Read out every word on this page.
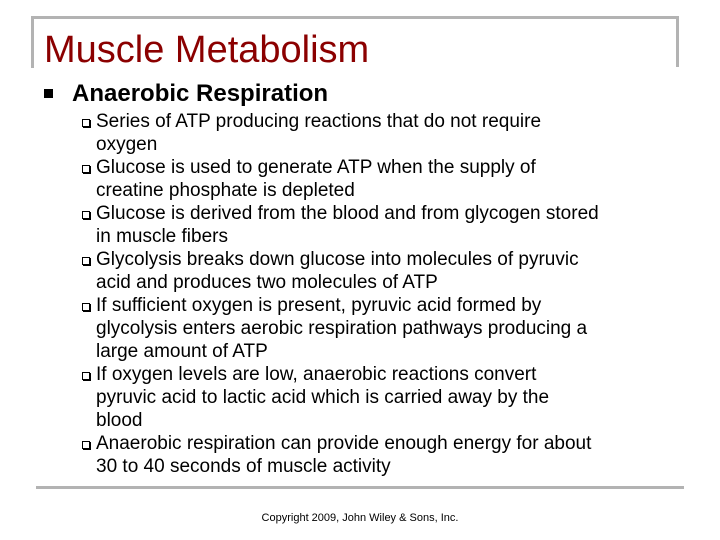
Muscle Metabolism
Anaerobic Respiration
Series of ATP producing reactions that do not require
oxygen
Glucose is used to generate ATP when the supply of
creatine phosphate is depleted
Glucose is derived from the blood and from glycogen stored
in muscle fibers
Glycolysis breaks down glucose into molecules of pyruvic
acid and produces two molecules of ATP
If sufficient oxygen is present, pyruvic acid formed by
glycolysis enters aerobic respiration pathways producing a
large amount of ATP
If oxygen levels are low, anaerobic reactions convert
pyruvic acid to lactic acid which is carried away by the
blood
Anaerobic respiration can provide enough energy for about
30 to 40 seconds of muscle activity
Copyright 2009, John Wiley & Sons, Inc.
